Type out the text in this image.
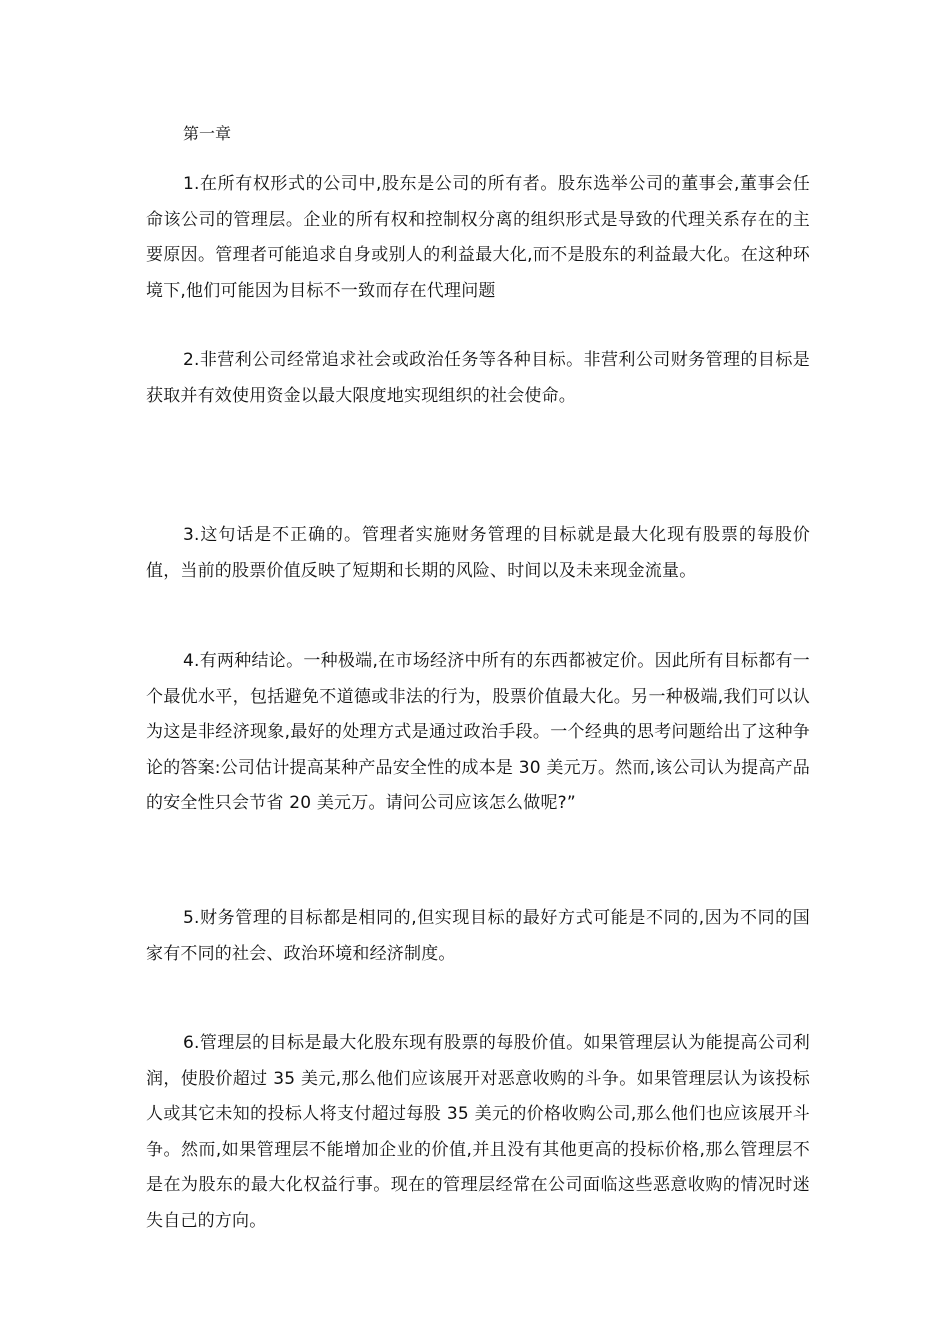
第一章

1.在所有权形式的公司中,股东是公司的所有者。股东选举公司的董事会,董事会任命该公司的管理层。企业的所有权和控制权分离的组织形式是导致的代理关系存在的主要原因。管理者可能追求自身或别人的利益最大化,而不是股东的利益最大化。在这种环境下,他们可能因为目标不一致而存在代理问题

2.非营利公司经常追求社会或政治任务等各种目标。非营利公司财务管理的目标是获取并有效使用资金以最大限度地实现组织的社会使命。

3.这句话是不正确的。管理者实施财务管理的目标就是最大化现有股票的每股价值，当前的股票价值反映了短期和长期的风险、时间以及未来现金流量。

4.有两种结论。一种极端,在市场经济中所有的东西都被定价。因此所有目标都有一个最优水平，包括避免不道德或非法的行为，股票价值最大化。另一种极端,我们可以认为这是非经济现象,最好的处理方式是通过政治手段。一个经典的思考问题给出了这种争论的答案:公司估计提高某种产品安全性的成本是 30 美元万。然而,该公司认为提高产品的安全性只会节省 20 美元万。请问公司应该怎么做呢?”

5.财务管理的目标都是相同的,但实现目标的最好方式可能是不同的,因为不同的国家有不同的社会、政治环境和经济制度。

6.管理层的目标是最大化股东现有股票的每股价值。如果管理层认为能提高公司利润，使股价超过 35 美元,那么他们应该展开对恶意收购的斗争。如果管理层认为该投标人或其它未知的投标人将支付超过每股 35 美元的价格收购公司,那么他们也应该展开斗争。然而,如果管理层不能增加企业的价值,并且没有其他更高的投标价格,那么管理层不是在为股东的最大化权益行事。现在的管理层经常在公司面临这些恶意收购的情况时迷失自己的方向。
